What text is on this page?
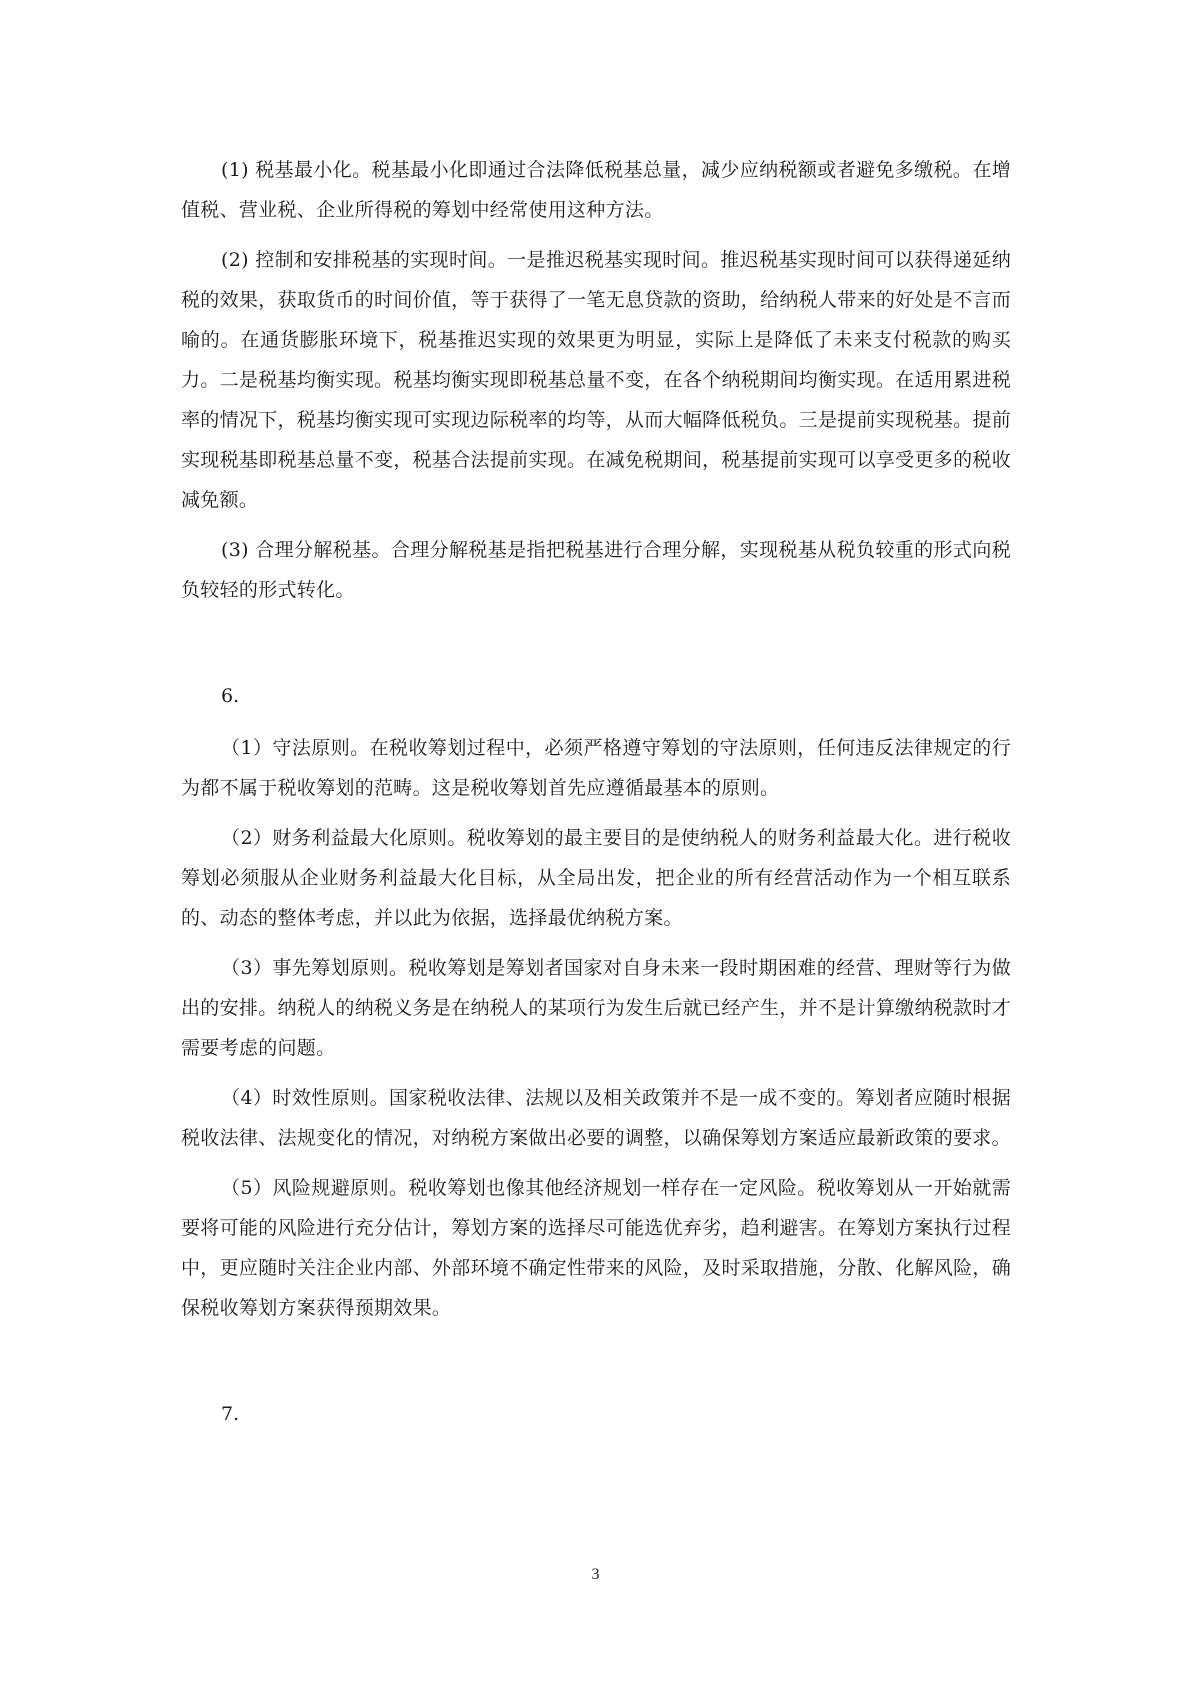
(1) 税基最小化。税基最小化即通过合法降低税基总量，减少应纳税额或者避免多缴税。在增值税、营业税、企业所得税的筹划中经常使用这种方法。

(2) 控制和安排税基的实现时间。一是推迟税基实现时间。推迟税基实现时间可以获得递延纳税的效果，获取货币的时间价值，等于获得了一笔无息贷款的资助，给纳税人带来的好处是不言而喻的。在通货膨胀环境下，税基推迟实现的效果更为明显，实际上是降低了未来支付税款的购买力。二是税基均衡实现。税基均衡实现即税基总量不变，在各个纳税期间均衡实现。在适用累进税率的情况下，税基均衡实现可实现边际税率的均等，从而大幅降低税负。三是提前实现税基。提前实现税基即税基总量不变，税基合法提前实现。在减免税期间，税基提前实现可以享受更多的税收减免额。

(3) 合理分解税基。合理分解税基是指把税基进行合理分解，实现税基从税负较重的形式向税负较轻的形式转化。

6.

（1）守法原则。在税收筹划过程中，必须严格遵守筹划的守法原则，任何违反法律规定的行为都不属于税收筹划的范畴。这是税收筹划首先应遵循最基本的原则。

（2）财务利益最大化原则。税收筹划的最主要目的是使纳税人的财务利益最大化。进行税收筹划必须服从企业财务利益最大化目标，从全局出发，把企业的所有经营活动作为一个相互联系的、动态的整体考虑，并以此为依据，选择最优纳税方案。

（3）事先筹划原则。税收筹划是筹划者国家对自身未来一段时期困难的经营、理财等行为做出的安排。纳税人的纳税义务是在纳税人的某项行为发生后就已经产生，并不是计算缴纳税款时才需要考虑的问题。

（4）时效性原则。国家税收法律、法规以及相关政策并不是一成不变的。筹划者应随时根据税收法律、法规变化的情况，对纳税方案做出必要的调整，以确保筹划方案适应最新政策的要求。

（5）风险规避原则。税收筹划也像其他经济规划一样存在一定风险。税收筹划从一开始就需要将可能的风险进行充分估计，筹划方案的选择尽可能选优弃劣，趋利避害。在筹划方案执行过程中，更应随时关注企业内部、外部环境不确定性带来的风险，及时采取措施，分散、化解风险，确保税收筹划方案获得预期效果。

7.

3
